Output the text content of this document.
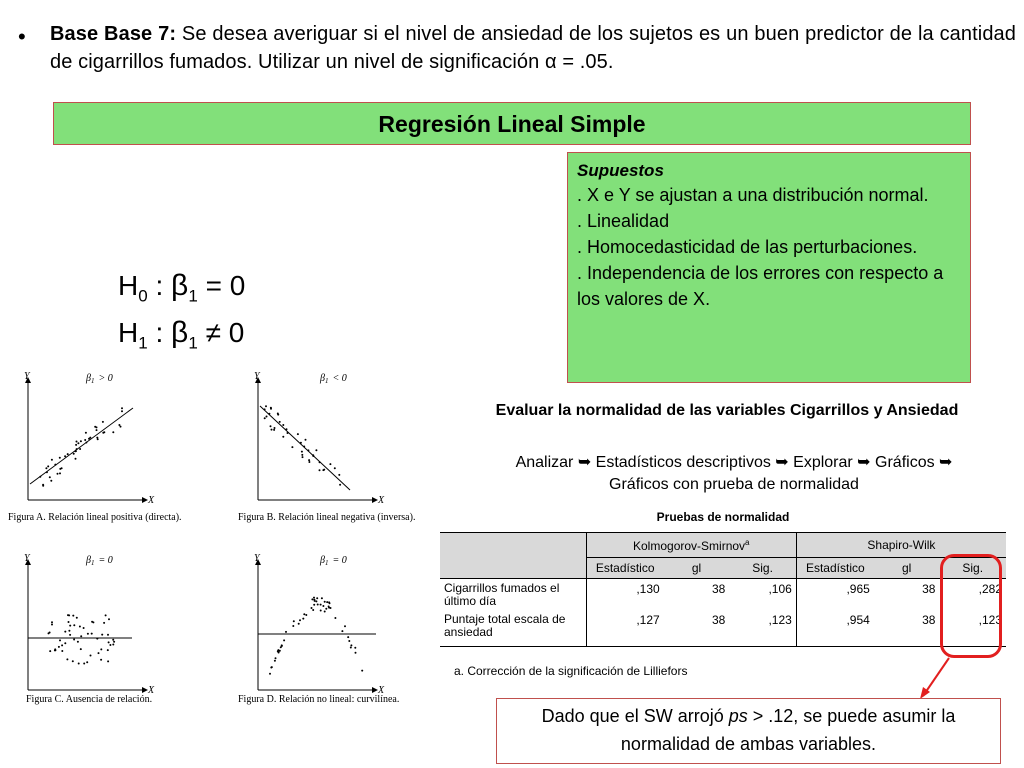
• Base Base 7: Se desea averiguar si el nivel de ansiedad de los sujetos es un buen predictor de la cantidad de cigarrillos fumados. Utilizar un nivel de significación α = .05.
Regresión Lineal Simple
Supuestos
. X e Y se ajustan a una distribución normal.
. Linealidad
. Homocedasticidad de las perturbaciones.
. Independencia de los errores con respecto a los valores de X.
$H_0$ : $\beta_1 = 0$
$H_1$ : $\beta_1 \ne 0$
Y
X
$\beta_1 > 0$
Figura A. Relación lineal positiva (directa).
Y
X
$\beta_1 < 0$
Figura B. Relación lineal negativa (inversa).
Y
X
$\beta_1 = 0$
Figura C. Ausencia de relación.
Y
X
$\beta_1 = 0$
Figura D. Relación no lineal: curvilínea.
Evaluar la normalidad de las variables Cigarrillos y Ansiedad
Analizar ➥ Estadísticos descriptivos ➥ Explorar ➥ Gráficos ➥
Gráficos con prueba de normalidad
Pruebas de normalidad
	Kolmogorov-Smirnov$^a$			Shapiro-Wilk		
	Estadístico	gl	Sig.	Estadístico	gl	Sig.
Cigarrillos fumados el último día	,130	38	,106	,965	38	,282
Puntaje total escala de ansiedad	,127	38	,123	,954	38	,123
a. Corrección de la significación de Lilliefors
Dado que el SW arrojó ps > .12, se puede asumir la normalidad de ambas variables.
